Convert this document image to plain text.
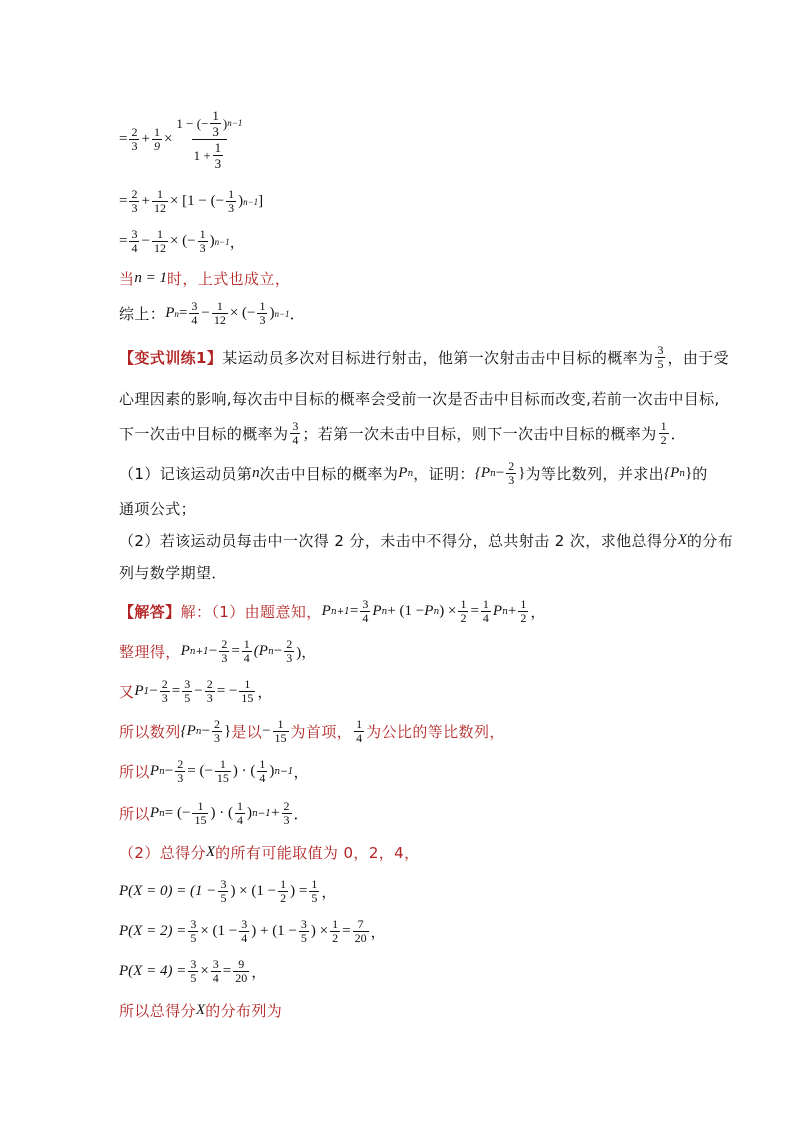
= $\frac{2}{3} + \frac{1}{9} \times \frac{1 - (- \frac{1}{3} ) n-1}{1 + \frac{1}{3}}$
= $\frac{2}{3} + \frac{1}{12} \times [1$ − (− $\frac{1}{3}$ ) n−1 ]
= $\frac{3}{4} - \frac{1}{12}$ × (− $\frac{1}{3}$ ) n−1 ，
当 n = 1 时，上式也成立，
综上： P $n = \frac{3}{4} - \frac{1}{12}$ × (− $\frac{1}{3}$ ) n−1 ．
【变式训练1】 某运动员多次对目标进行射击，他第一次射击击中目标的概率为 $\frac{3}{5}$ ，由于受
心理因素的影响,每次击中目标的概率会受前一次是否击中目标而改变,若前一次击中目标,
下一次击中目标的概率为 $\frac{3}{4}$ ；若第一次未击中目标，则下一次击中目标的概率为 $\frac{1}{2}$ ．
（1）记该运动员第 n 次击中目标的概率为 P n ，证明： {P $n - \frac{2}{3}$ } 为等比数列，并求出 {P n } 的
通项公式；
（2）若该运动员每击中一次得 2 分，未击中不得分，总共射击 2 次，求他总得分 X 的分布
列与数学期望．
【解答】 解：（1）由题意知， P $n+1 = \frac{3}{4}$ P n + (1 − P n ) × $\frac{1}{2} = \frac{1}{4}$ P $n + \frac{1}{2}$ ，
整理得， P $n+1 - \frac{2}{3} = \frac{1}{4} (P$ $n - \frac{2}{3}$ )，
又 P $1 - \frac{2}{3} = \frac{3}{5} - \frac{2}{3}$ = − $\frac{1}{15}$ ，
所以数列 {P $n - \frac{2}{3}$ } 是以 − $\frac{1}{15}$ 为首项， $\frac{1}{4}$ 为公比的等比数列，
所以 P $n - \frac{2}{3}$ = (− $\frac{1}{15}$ ) · ( $\frac{1}{4}$ ) n−1 ，
所以 P n = (− $\frac{1}{15}$ ) · ( $\frac{1}{4}$ ) $n-1 + \frac{2}{3}$ ．
（2）总得分 X 的所有可能取值为 0，2，4，
$P(X = 0) = (1 - \frac{3}{5}$ ) × ($1 - \frac{1}{2}$ ) = $\frac{1}{5}$ ，
$P(X = 2) = \frac{3}{5} \times (1 - \frac{3}{4}$ ) + ($1 - \frac{3}{5}$ ) × $\frac{1}{2} = \frac{7}{20}$ ，
$P(X = 4) = \frac{3}{5} \times \frac{3}{4} = \frac{9}{20}$ ，
所以总得分 X 的分布列为
